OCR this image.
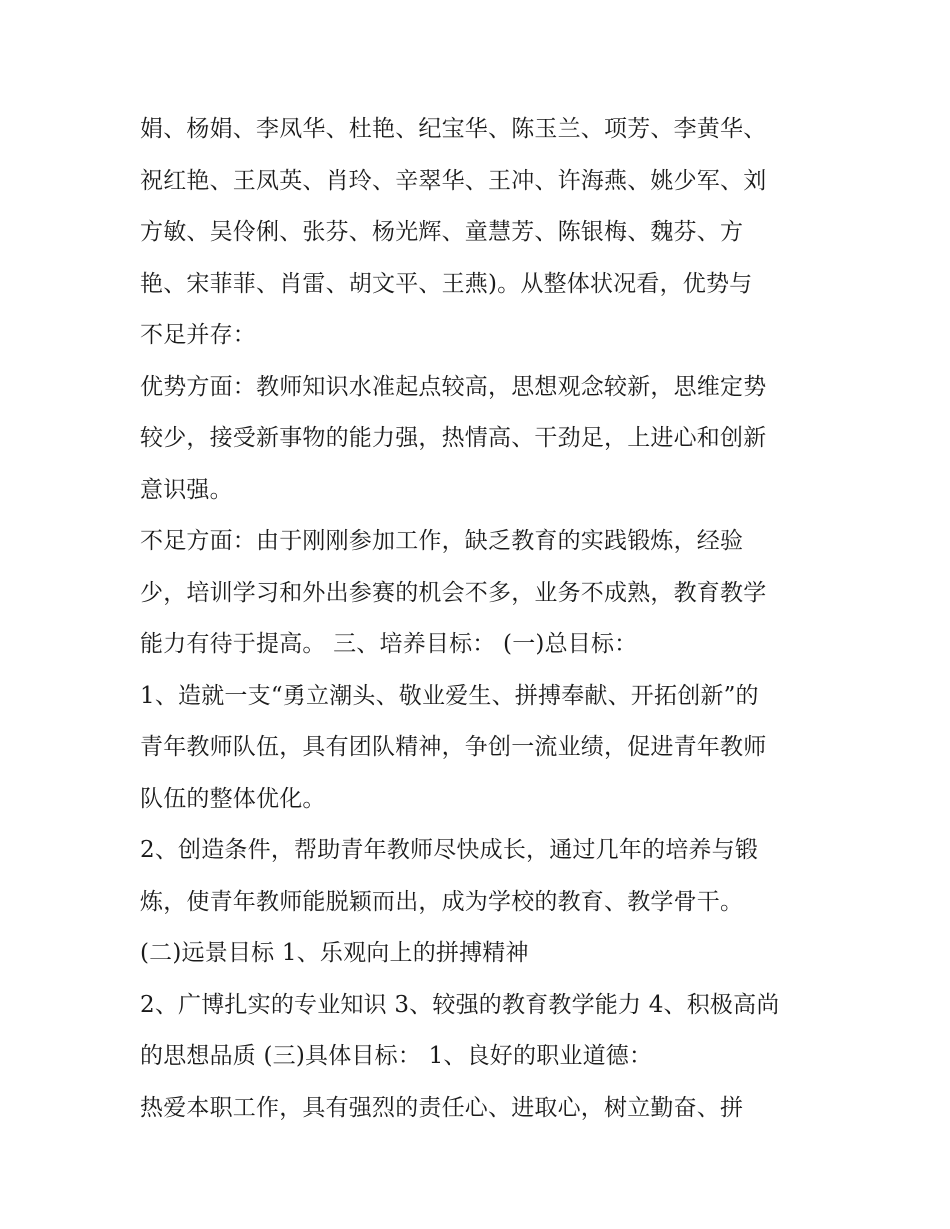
娟、杨娟、李凤华、杜艳、纪宝华、陈玉兰、项芳、李黄华、
祝红艳、王凤英、肖玲、辛翠华、王冲、许海燕、姚少军、刘
方敏、吴伶俐、张芬、杨光辉、童慧芳、陈银梅、魏芬、方
艳、宋菲菲、肖雷、胡文平、王燕)。从整体状况看，优势与
不足并存：
优势方面：教师知识水准起点较高，思想观念较新，思维定势
较少，接受新事物的能力强，热情高、干劲足，上进心和创新
意识强。
不足方面：由于刚刚参加工作，缺乏教育的实践锻炼，经验
少，培训学习和外出参赛的机会不多，业务不成熟，教育教学
能力有待于提高。 三、培养目标： (一)总目标：
1、造就一支“勇立潮头、敬业爱生、拼搏奉献、开拓创新”的
青年教师队伍，具有团队精神，争创一流业绩，促进青年教师
队伍的整体优化。
2、创造条件，帮助青年教师尽快成长，通过几年的培养与锻
炼，使青年教师能脱颖而出，成为学校的教育、教学骨干。
(二)远景目标 1、乐观向上的拼搏精神
2、广博扎实的专业知识 3、较强的教育教学能力 4、积极高尚
的思想品质 (三)具体目标： 1、良好的职业道德：
热爱本职工作，具有强烈的责任心、进取心，树立勤奋、拼
